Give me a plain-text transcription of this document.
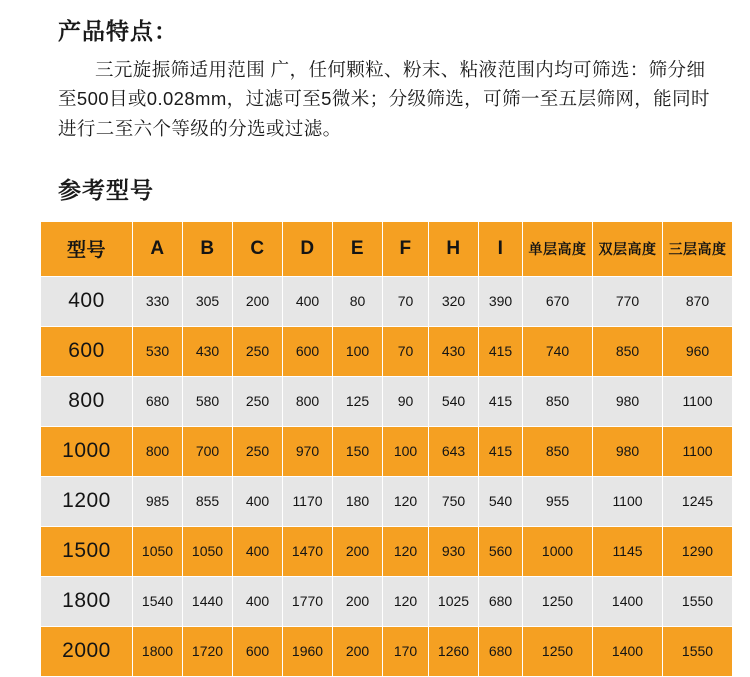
产品特点：

三元旋振筛适用范围 广，任何颗粒、粉末、粘液范围内均可筛选：筛分细至500目或0.028mm，过滤可至5微米；分级筛选，可筛一至五层筛网，能同时进行二至六个等级的分选或过滤。

参考型号
型号	A	B	C	D	E	F	H	I	单层高度	双层高度	三层高度
400	330	305	200	400	80	70	320	390	670	770	870
600	530	430	250	600	100	70	430	415	740	850	960
800	680	580	250	800	125	90	540	415	850	980	1100
1000	800	700	250	970	150	100	643	415	850	980	1100
1200	985	855	400	1170	180	120	750	540	955	1100	1245
1500	1050	1050	400	1470	200	120	930	560	1000	1145	1290
1800	1540	1440	400	1770	200	120	1025	680	1250	1400	1550
2000	1800	1720	600	1960	200	170	1260	680	1250	1400	1550
